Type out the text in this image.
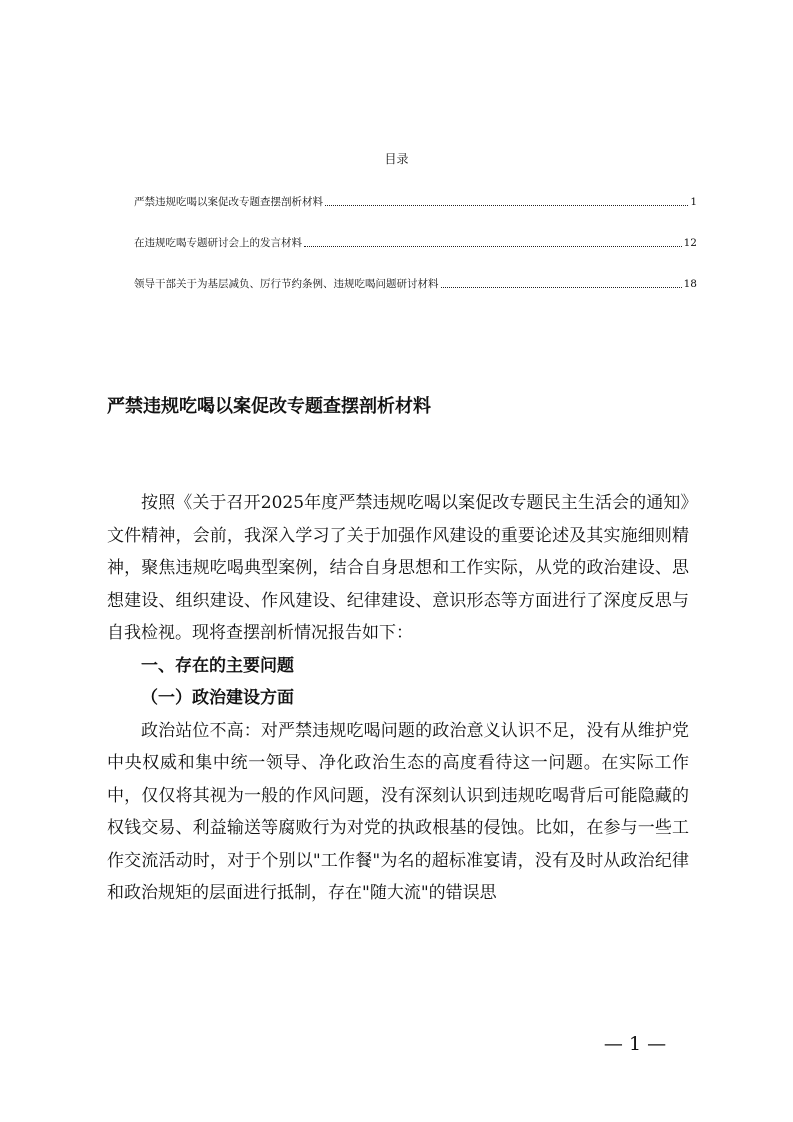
目录
严禁违规吃喝以案促改专题查摆剖析材料	1
在违规吃喝专题研讨会上的发言材料	12
领导干部关于为基层减负、厉行节约条例、违规吃喝问题研讨材料	18
严禁违规吃喝以案促改专题查摆剖析材料

按照《关于召开2025年度严禁违规吃喝以案促改专题民主生活会的通知》文件精神，会前，我深入学习了关于加强作风建设的重要论述及其实施细则精神，聚焦违规吃喝典型案例，结合自身思想和工作实际，从党的政治建设、思想建设、组织建设、作风建设、纪律建设、意识形态等方面进行了深度反思与自我检视。现将查摆剖析情况报告如下：

一、存在的主要问题

（一）政治建设方面

政治站位不高：对严禁违规吃喝问题的政治意义认识不足，没有从维护党中央权威和集中统一领导、净化政治生态的高度看待这一问题。在实际工作中，仅仅将其视为一般的作风问题，没有深刻认识到违规吃喝背后可能隐藏的权钱交易、利益输送等腐败行为对党的执政根基的侵蚀。比如，在参与一些工作交流活动时，对于个别以"工作餐"为名的超标准宴请，没有及时从政治纪律和政治规矩的层面进行抵制，存在"随大流"的错误思

— 1 —
